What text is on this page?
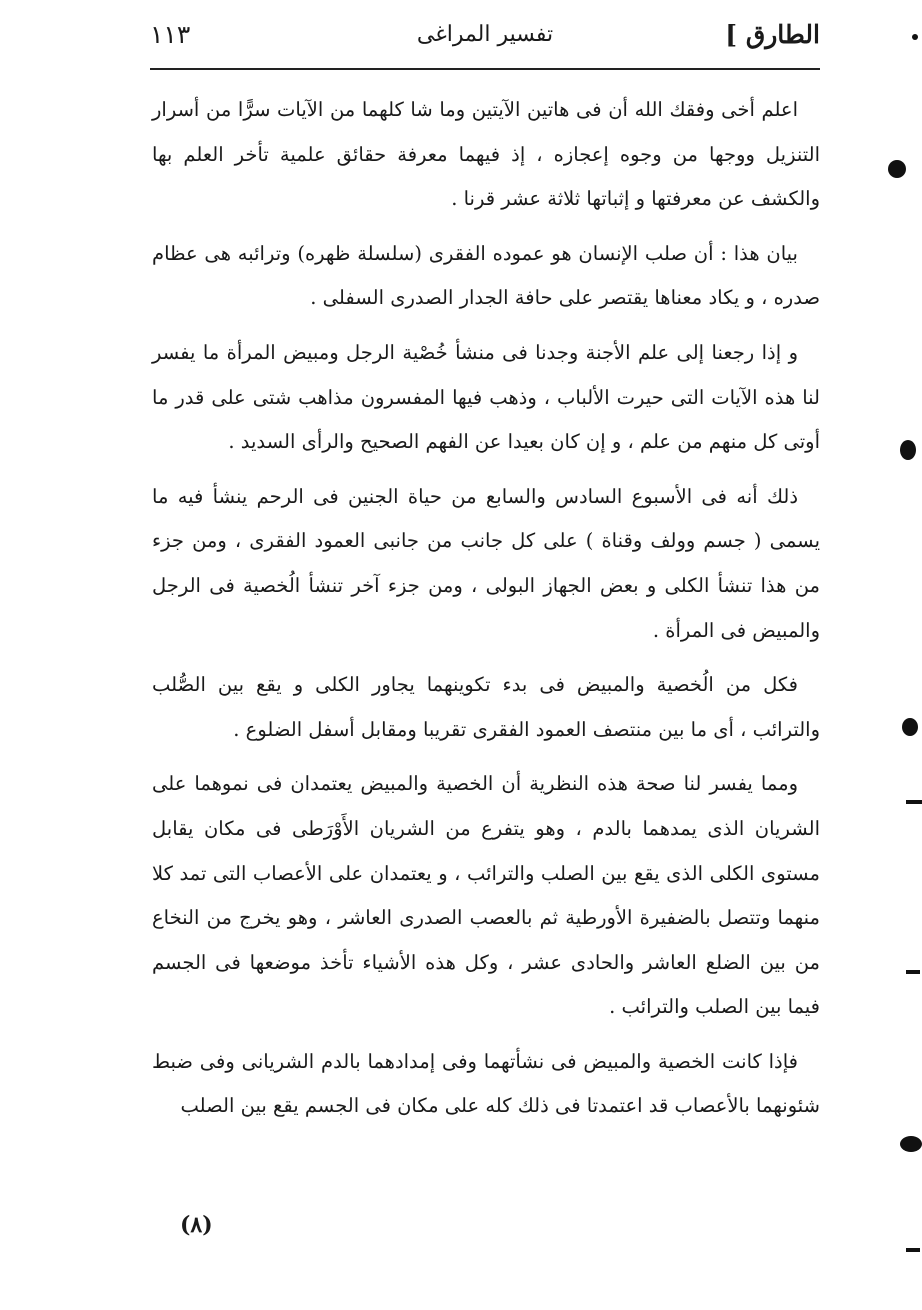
الطارق ]
تفسير المراغى
١١٣

اعلم أخى وفقك الله أن فى هاتين الآيتين وما شا كلهما من الآيات سرًّا من أسرار التنزيل ووجها من وجوه إعجازه ، إذ فيهما معرفة حقائق علمية تأخر العلم بها والكشف عن معرفتها و إثباتها ثلاثة عشر قرنا .

بيان هذا : أن صلب الإنسان هو عموده الفقرى (سلسلة ظهره) وترائبه هى عظام صدره ، و يكاد معناها يقتصر على حافة الجدار الصدرى السفلى .

و إذا رجعنا إلى علم الأجنة وجدنا فى منشأ خُصْية الرجل ومبيض المرأة ما يفسر لنا هذه الآيات التى حيرت الألباب ، وذهب فيها المفسرون مذاهب شتى على قدر ما أوتى كل منهم من علم ، و إن كان بعيدا عن الفهم الصحيح والرأى السديد .

ذلك أنه فى الأسبوع السادس والسابع من حياة الجنين فى الرحم ينشأ فيه ما يسمى ( جسم وولف وقناة ) على كل جانب من جانبى العمود الفقرى ، ومن جزء من هذا تنشأ الكلى و بعض الجهاز البولى ، ومن جزء آخر تنشأ الُخصية فى الرجل والمبيض فى المرأة .

فكل من الُخصية والمبيض فى بدء تكوينهما يجاور الكلى و يقع بين الصُّلب والترائب ، أى ما بين منتصف العمود الفقرى تقريبا ومقابل أسفل الضلوع .

ومما يفسر لنا صحة هذه النظرية أن الخصية والمبيض يعتمدان فى نموهما على الشريان الذى يمدهما بالدم ، وهو يتفرع من الشريان الأَوْرَطى فى مكان يقابل مستوى الكلى الذى يقع بين الصلب والترائب ، و يعتمدان على الأعصاب التى تمد كلا منهما وتتصل بالضفيرة الأورطية ثم بالعصب الصدرى العاشر ، وهو يخرج من النخاع من بين الضلع العاشر والحادى عشر ، وكل هذه الأشياء تأخذ موضعها فى الجسم فيما بين الصلب والترائب .

فإذا كانت الخصية والمبيض فى نشأتهما وفى إمدادهما بالدم الشريانى وفى ضبط شئونهما بالأعصاب قد اعتمدتا فى ذلك كله على مكان فى الجسم يقع بين الصلب

(٨)
